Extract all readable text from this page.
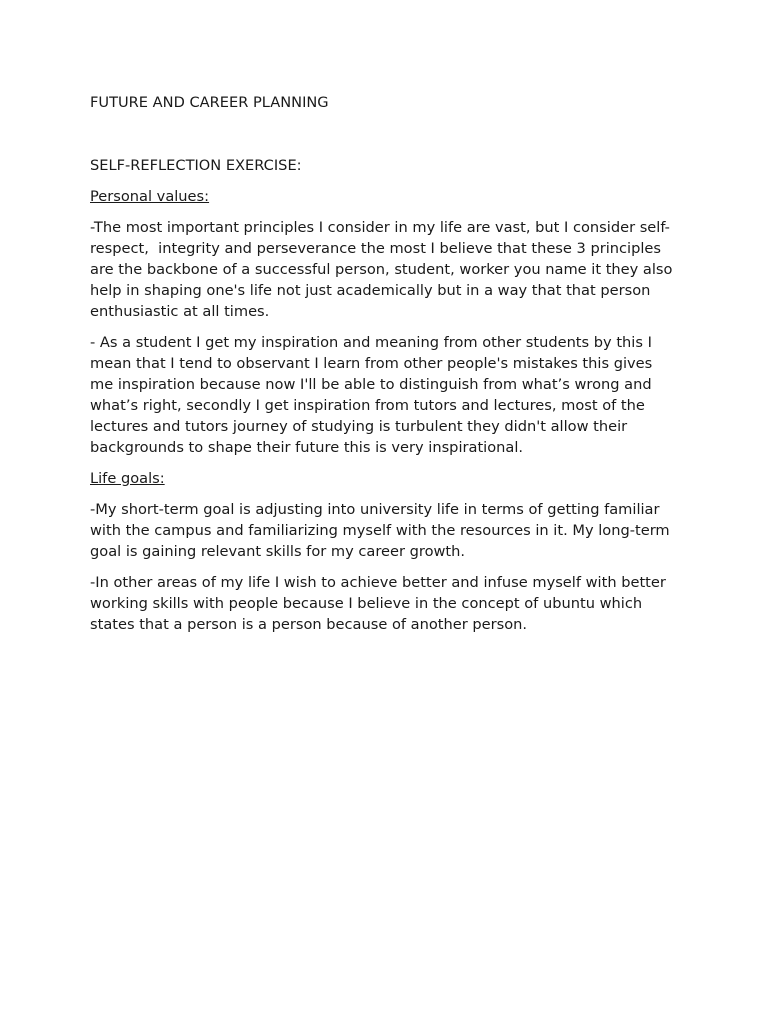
FUTURE AND CAREER PLANNING

SELF-REFLECTION EXERCISE:

Personal values:

-The most important principles I consider in my life are vast, but I consider self-respect,  integrity and perseverance the most I believe that these 3 principles are the backbone of a successful person, student, worker you name it they also help in shaping one's life not just academically but in a way that that person enthusiastic at all times.

- As a student I get my inspiration and meaning from other students by this I mean that I tend to observant I learn from other people's mistakes this gives me inspiration because now I'll be able to distinguish from what’s wrong and what’s right, secondly I get inspiration from tutors and lectures, most of the lectures and tutors journey of studying is turbulent they didn't allow their backgrounds to shape their future this is very inspirational.

Life goals:

-My short-term goal is adjusting into university life in terms of getting familiar with the campus and familiarizing myself with the resources in it. My long-term goal is gaining relevant skills for my career growth.

-In other areas of my life I wish to achieve better and infuse myself with better working skills with people because I believe in the concept of ubuntu which states that a person is a person because of another person.
